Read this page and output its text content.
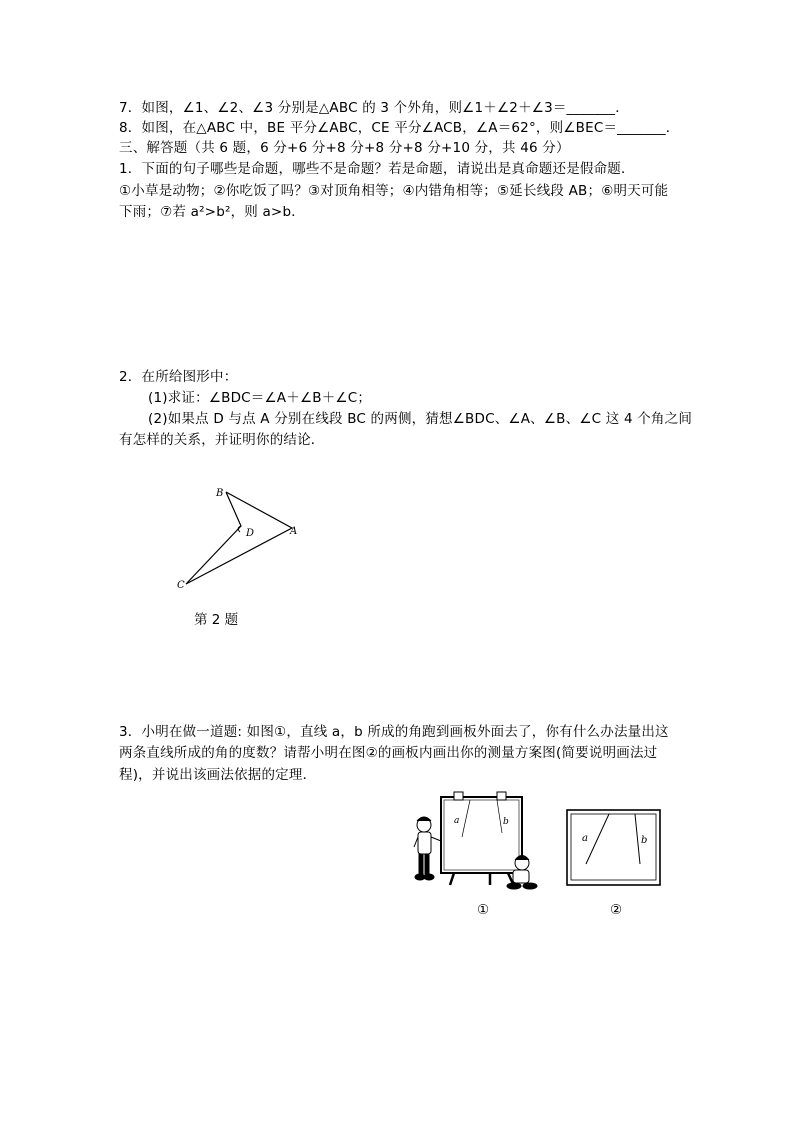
7．如图，∠1、∠2、∠3 分别是△ABC 的 3 个外角，则∠1＋∠2＋∠3＝_______．
8．如图，在△ABC 中，BE 平分∠ABC，CE 平分∠ACB，∠A＝62°，则∠BEC＝_______．
三、解答题（共 6 题，6 分+6 分+8 分+8 分+8 分+10 分，共 46 分）
1．下面的句子哪些是命题，哪些不是命题？若是命题，请说出是真命题还是假命题．
①小草是动物；②你吃饭了吗？③对顶角相等；④内错角相等；⑤延长线段 AB；⑥明天可能
下雨；⑦若 a²>b²，则 a>b．
2．在所给图形中：
(1)求证：∠BDC＝∠A＋∠B＋∠C；
(2)如果点 D 与点 A 分别在线段 BC 的两侧，猜想∠BDC、∠A、∠B、∠C 这 4 个角之间
有怎样的关系，并证明你的结论．
B
D	A
C
第 2 题
3．小明在做一道题: 如图①，直线 a，b 所成的角跑到画板外面去了，你有什么办法量出这
两条直线所成的角的度数？请帮小明在图②的画板内画出你的测量方案图(简要说明画法过
程)，并说出该画法依据的定理．
a	b
①
a	b
②
